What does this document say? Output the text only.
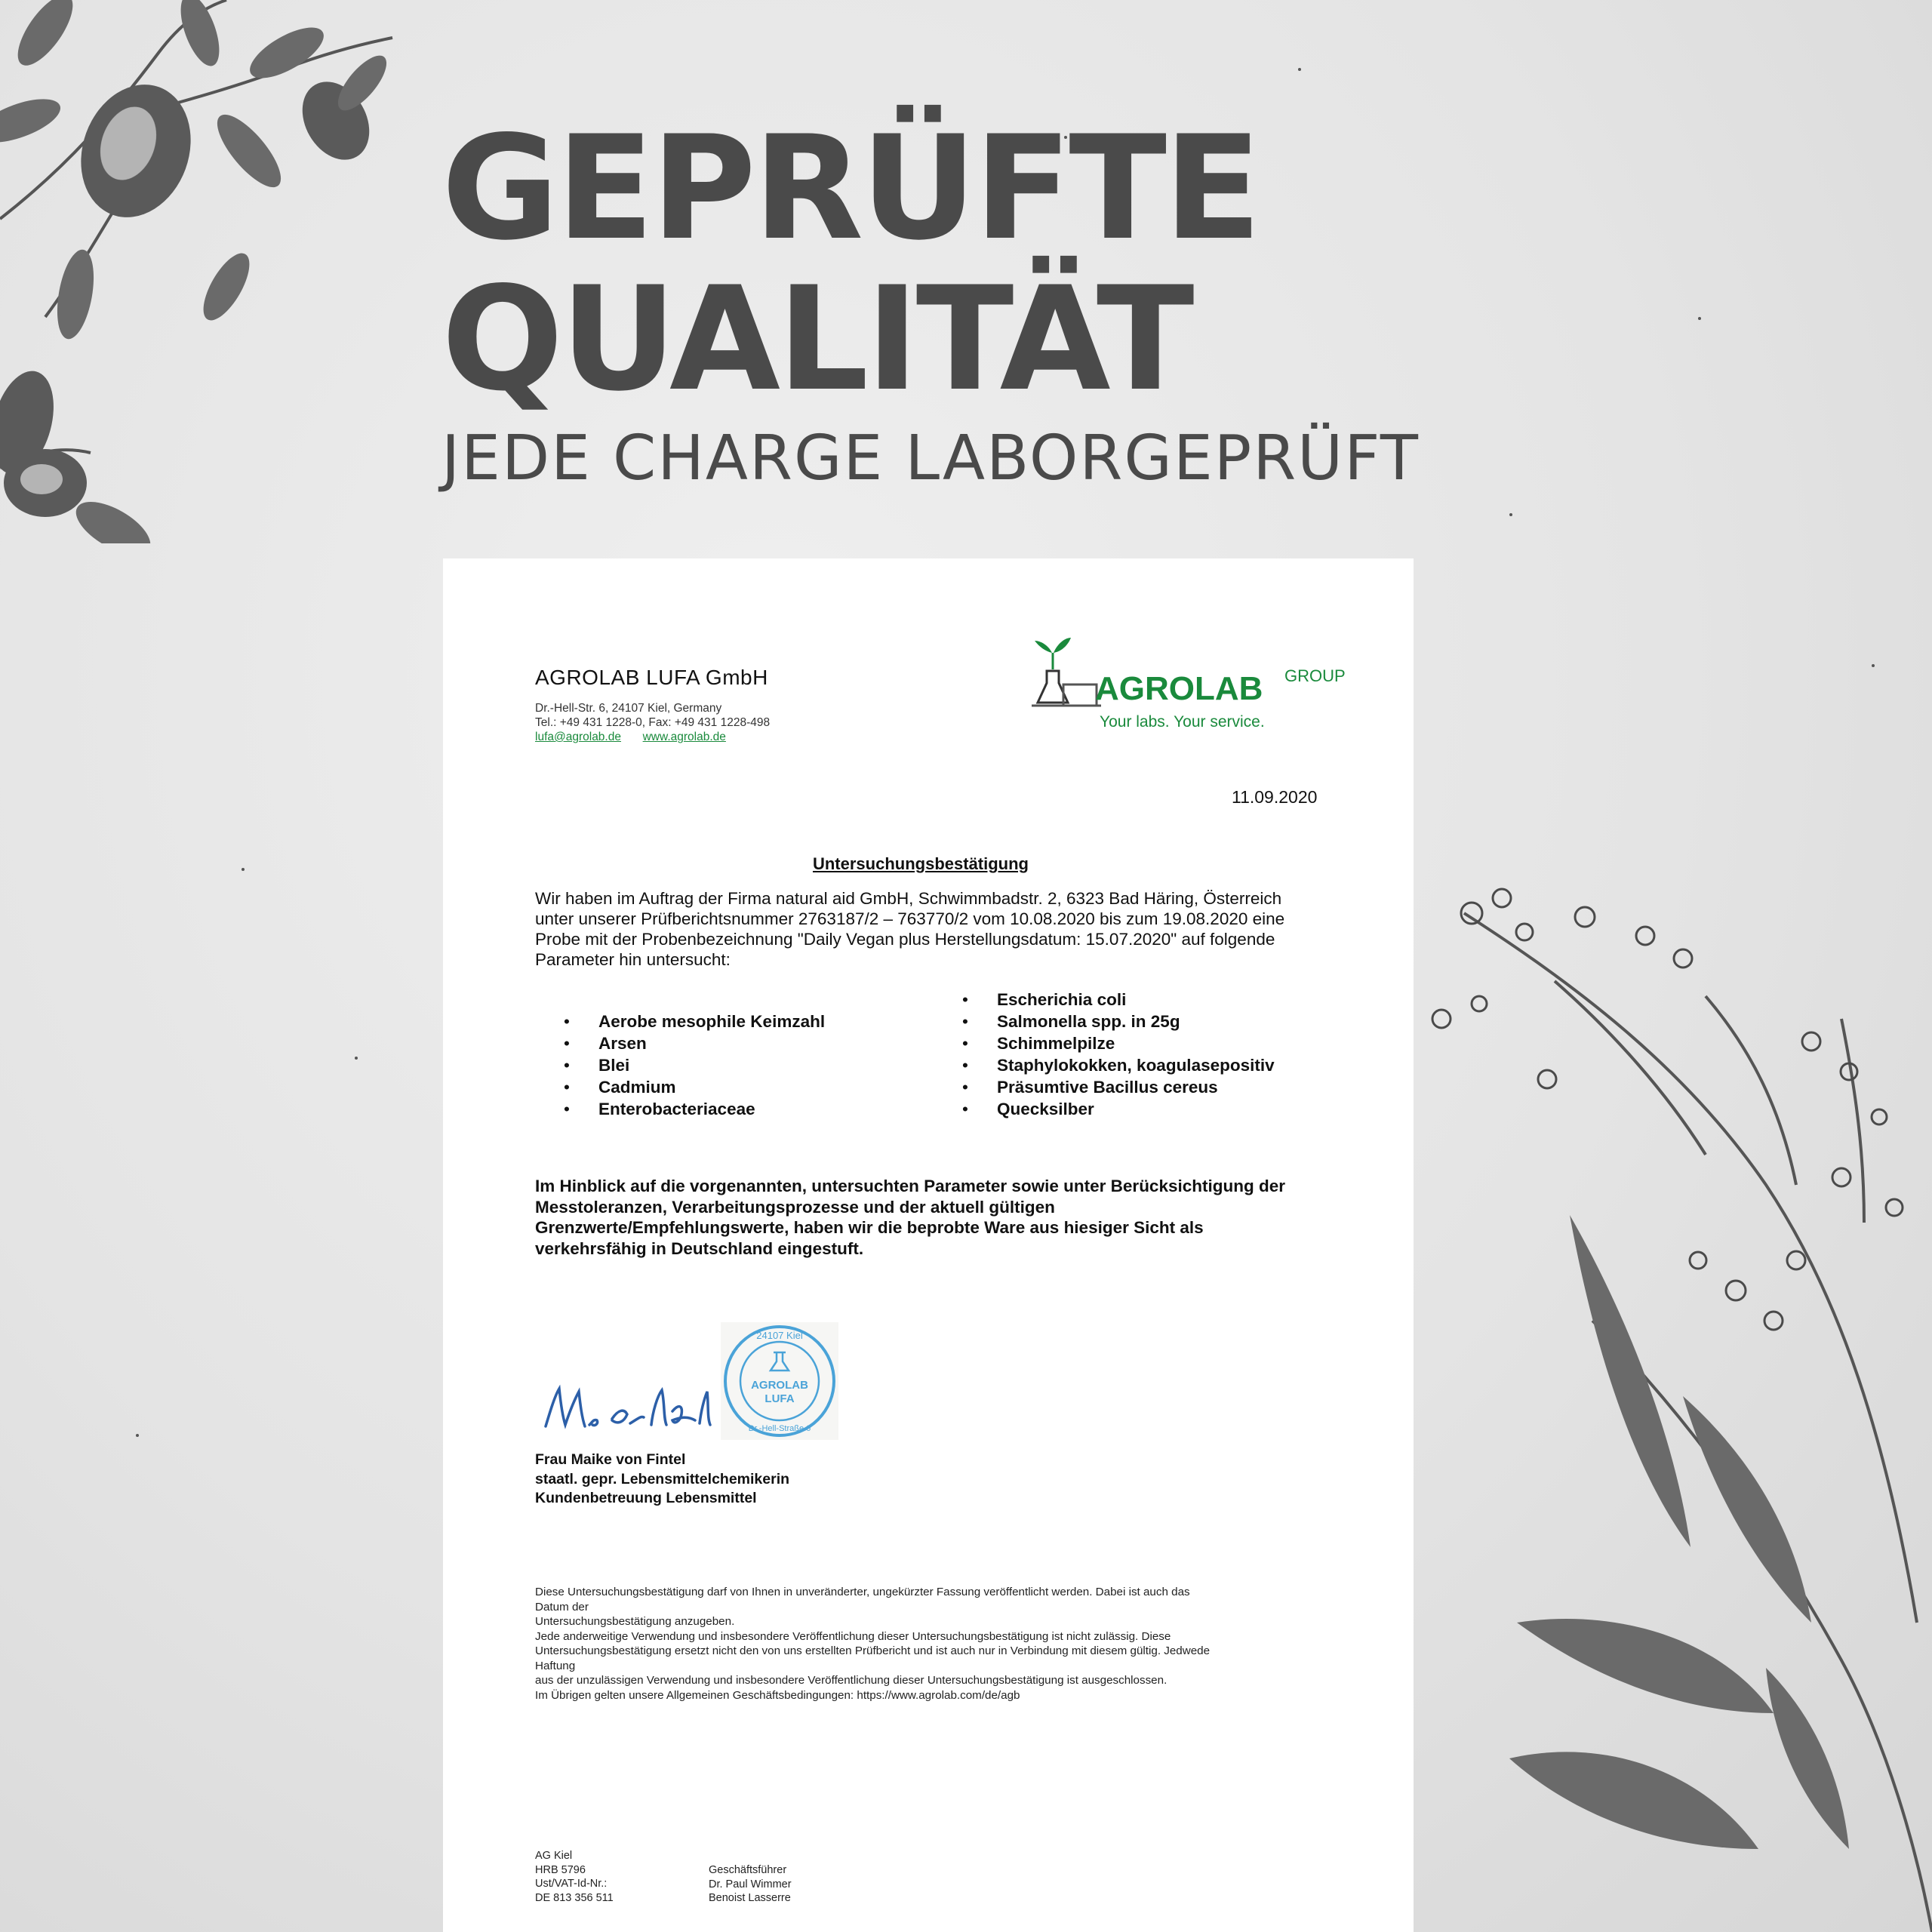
GEPRÜFTE
QUALITÄT

JEDE CHARGE LABORGEPRÜFT

AGROLAB LUFA GmbH
Dr.-Hell-Str. 6, 24107 Kiel, Germany
Tel.: +49 431 1228-0, Fax: +49 431 1228-498
lufa@agrolab.de www.agrolab.de
AGROLAB GROUP
Your labs. Your service.
11.09.2020
Untersuchungsbestätigung
Wir haben im Auftrag der Firma natural aid GmbH, Schwimmbadstr. 2, 6323 Bad Häring, Österreich unter unserer Prüfberichtsnummer 2763187/2 – 763770/2 vom 10.08.2020 bis zum 19.08.2020 eine Probe mit der Probenbezeichnung "Daily Vegan plus Herstellungsdatum: 15.07.2020" auf folgende Parameter hin untersucht:
• Aerobe mesophile Keimzahl
• Arsen
• Blei
• Cadmium
• Enterobacteriaceae
• Escherichia coli
• Salmonella spp. in 25g
• Schimmelpilze
• Staphylokokken, koagulasepositiv
• Präsumtive Bacillus cereus
• Quecksilber
Im Hinblick auf die vorgenannten, untersuchten Parameter sowie unter Berücksichtigung der Messtoleranzen, Verarbeitungsprozesse und der aktuell gültigen Grenzwerte/Empfehlungswerte, haben wir die beprobte Ware aus hiesiger Sicht als verkehrsfähig in Deutschland eingestuft.
24107 Kiel
AGROLAB
LUFA
Dr.-Hell-Straße 6
Frau Maike von Fintel
staatl. gepr. Lebensmittelchemikerin
Kundenbetreuung Lebensmittel
Diese Untersuchungsbestätigung darf von Ihnen in unveränderter, ungekürzter Fassung veröffentlicht werden. Dabei ist auch das
Datum der
Untersuchungsbestätigung anzugeben.
Jede anderweitige Verwendung und insbesondere Veröffentlichung dieser Untersuchungsbestätigung ist nicht zulässig. Diese
Untersuchungsbestätigung ersetzt nicht den von uns erstellten Prüfbericht und ist auch nur in Verbindung mit diesem gültig. Jedwede
Haftung
aus der unzulässigen Verwendung und insbesondere Veröffentlichung dieser Untersuchungsbestätigung ist ausgeschlossen.
Im Übrigen gelten unsere Allgemeinen Geschäftsbedingungen: https://www.agrolab.com/de/agb
AG Kiel
HRB 5796
Ust/VAT-Id-Nr.:
DE 813 356 511
Geschäftsführer
Dr. Paul Wimmer
Benoist Lasserre
